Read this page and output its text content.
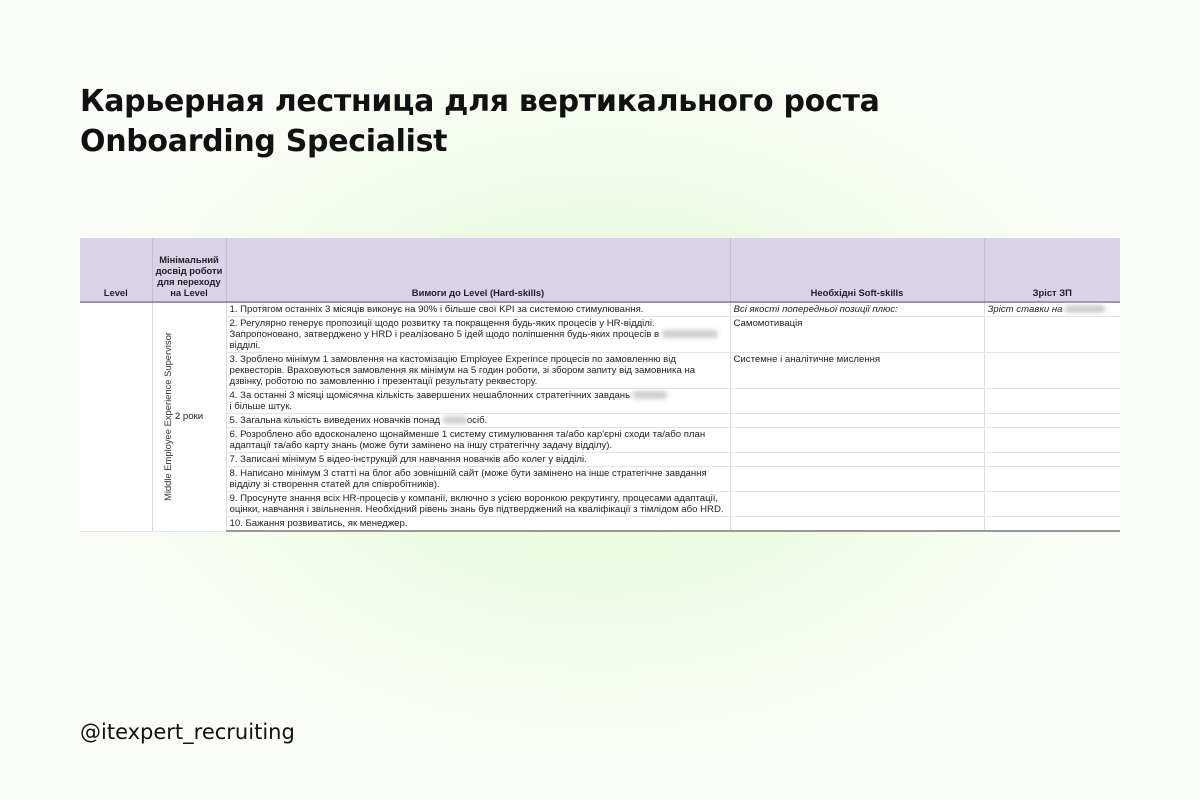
Карьерная лестница для вертикального роста
Onboarding Specialist
Level	Мінімальний досвід роботи для переходу на Level	Вимоги до Level (Hard-skills)	Необхідні Soft-skills	Зріст ЗП
Middle Employee Experience Supervisor	2 роки	1. Протягом останніх 3 місяців виконує на 90% і більше свої KPI за системою стимулювання.	Всі якості попередньої позиції плюс:	Зріст ставки на
		2. Регулярно генерує пропозиції щодо розвитку та покращення будь-яких процесів у HR-відділі. Запропоновано, затверджено у HRD і реалізовано 5 ідей щодо поліпшення будь-яких процесів в відділі.	Самомотивація	
		3. Зроблено мінімум 1 замовлення на кастомізацію Employee Experince процесів по замовленню від реквесторів. Враховуються замовлення як мінімум на 5 годин роботи, зі збором запиту від замовника на дзвінку, роботою по замовленню і презентації результату реквестору.	Системне і аналітичне мислення	
		4. За останні 3 місяці щомісячна кількість завершених нешаблонних стратегічних завдань
і більше штук.		
		5. Загальна кількість виведених новачків понад осіб.		
		6. Розроблено або вдосконалено щонайменше 1 систему стимулювання та/або кар'єрні сходи та/або план адаптації та/або карту знань (може бути замінено на іншу стратегічну задачу відділу).		
		7. Записані мінімум 5 відео-інструкцій для навчання новачків або колег у відділі.		
		8. Написано мінімум 3 статті на блог або зовнішній сайт (може бути замінено на інше стратегічне завдання відділу зі створення статей для співробітників).		
		9. Просунуте знання всіх HR-процесів у компанії, включно з усією воронкою рекрутингу, процесами адаптації, оцінки, навчання і звільнення. Необхідний рівень знань був підтверджений на кваліфікації з тімлідом або HRD.		
		10. Бажання розвиватись, як менеджер.		
@itexpert_recruiting
